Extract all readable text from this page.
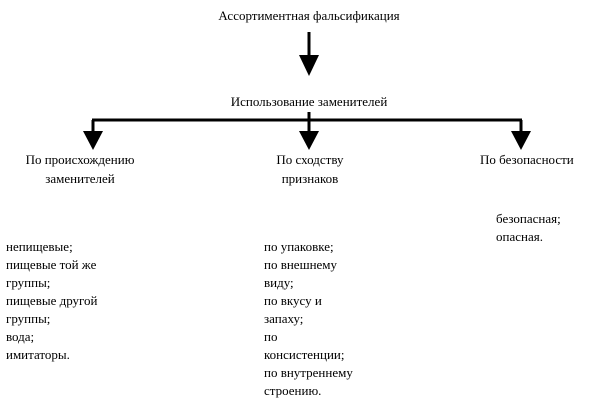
Ассортиментная фальсификация
Использование заменителей
По происхождению
заменителей
По сходству
признаков
По безопасности
непищевые;
пищевые той же
группы;
пищевые другой
группы;
вода;
имитаторы.
по упаковке;
по внешнему
виду;
по вкусу и
запаху;
по
консистенции;
по внутреннему
строению.
безопасная;
опасная.
